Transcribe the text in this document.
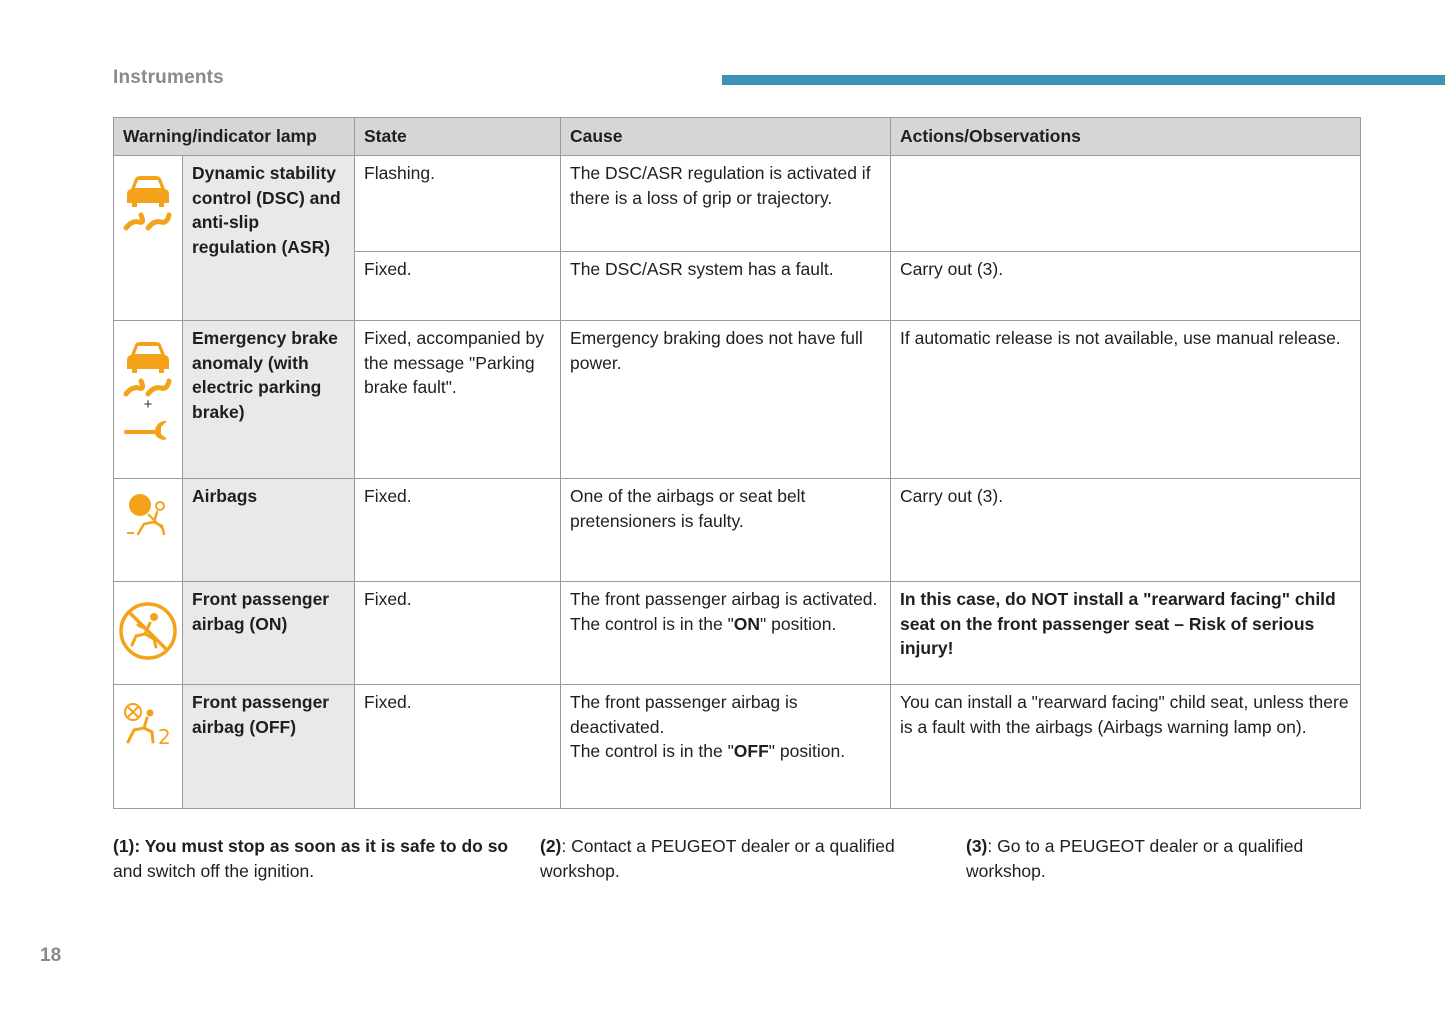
Instruments
Warning/indicator lamp		State	Cause	Actions/Observations

	Dynamic stability control (DSC) and anti-slip regulation (ASR)	Flashing.	The DSC/ASR regulation is activated if there is a loss of grip or trajectory.	
		Fixed.	The DSC/ASR system has a fault.	Carry out (3).

+	Emergency brake anomaly (with electric parking brake)	Fixed, accompanied by the message "Parking brake fault".	Emergency braking does not have full power.	If automatic release is not available, use manual release.

	Airbags	Fixed.	One of the airbags or seat belt pretensioners is faulty.	Carry out (3).

	Front passenger airbag (ON)	Fixed.	The front passenger airbag is activated.
The control is in the "ON" position.	In this case, do NOT install a "rearward facing" child seat on the front passenger seat – Risk of serious injury!

2	Front passenger airbag (OFF)	Fixed.	The front passenger airbag is deactivated.
The control is in the "OFF" position.	You can install a "rearward facing" child seat, unless there is a fault with the airbags (Airbags warning lamp on).
(1): You must stop as soon as it is safe to do so and switch off the ignition.
(2): Contact a PEUGEOT dealer or a qualified workshop.
(3): Go to a PEUGEOT dealer or a qualified workshop.
18
